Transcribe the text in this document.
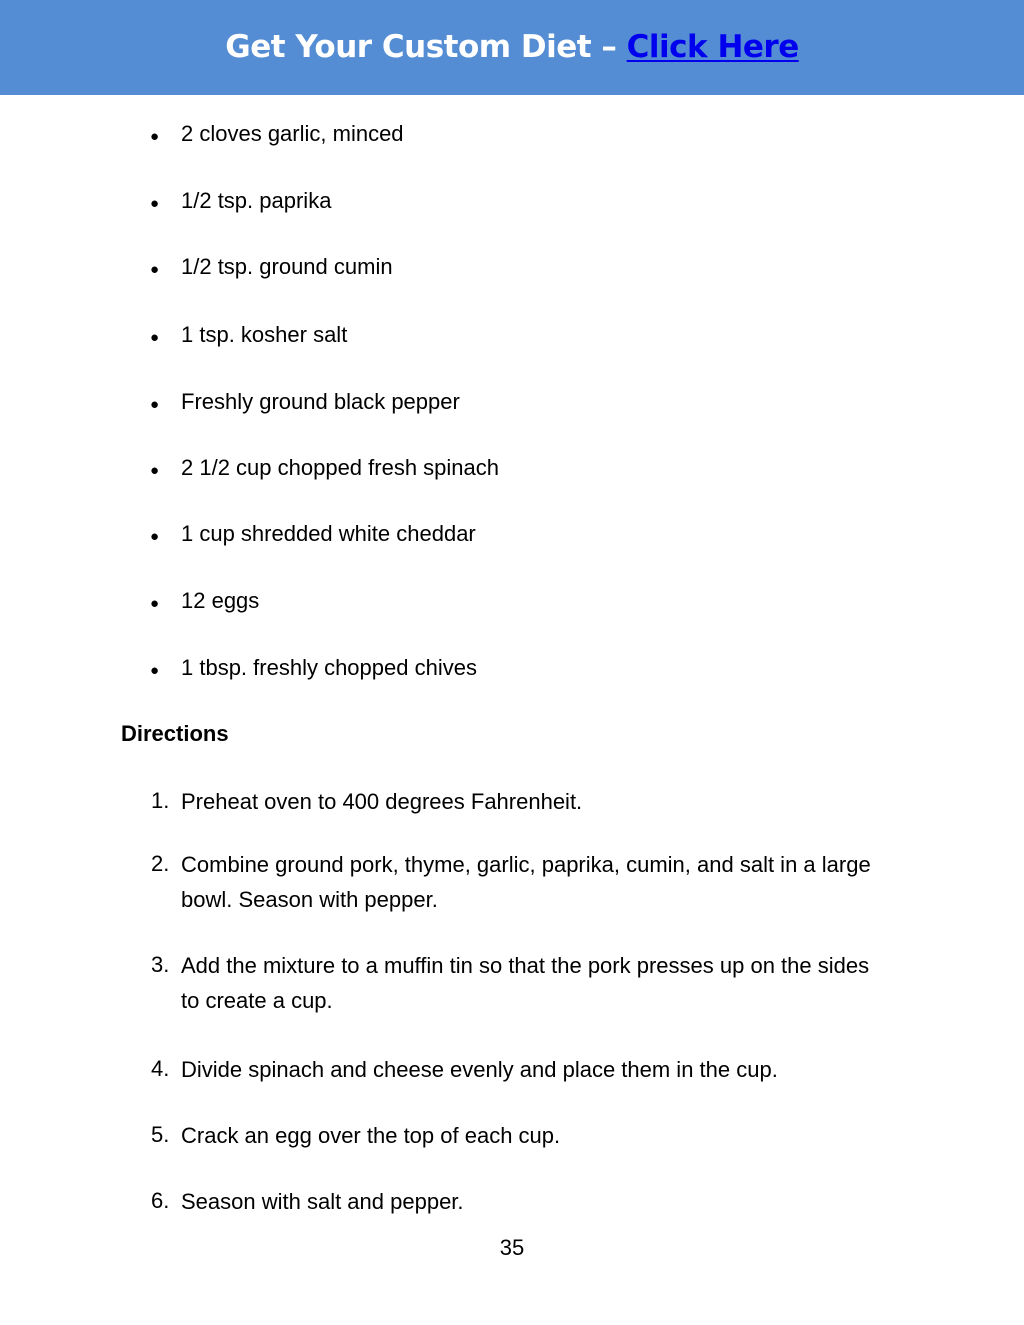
Get Your Custom Diet – Click Here
● 2 cloves garlic, minced
● 1/2 tsp. paprika
● 1/2 tsp. ground cumin
● 1 tsp. kosher salt
● Freshly ground black pepper
● 2 1/2 cup chopped fresh spinach
● 1 cup shredded white cheddar
● 12 eggs
● 1 tbsp. freshly chopped chives
Directions
1. Preheat oven to 400 degrees Fahrenheit.
2. Combine ground pork, thyme, garlic, paprika, cumin, and salt in a large bowl. Season with pepper.
3. Add the mixture to a muffin tin so that the pork presses up on the sides to create a cup.
4. Divide spinach and cheese evenly and place them in the cup.
5. Crack an egg over the top of each cup.
6. Season with salt and pepper.
35
